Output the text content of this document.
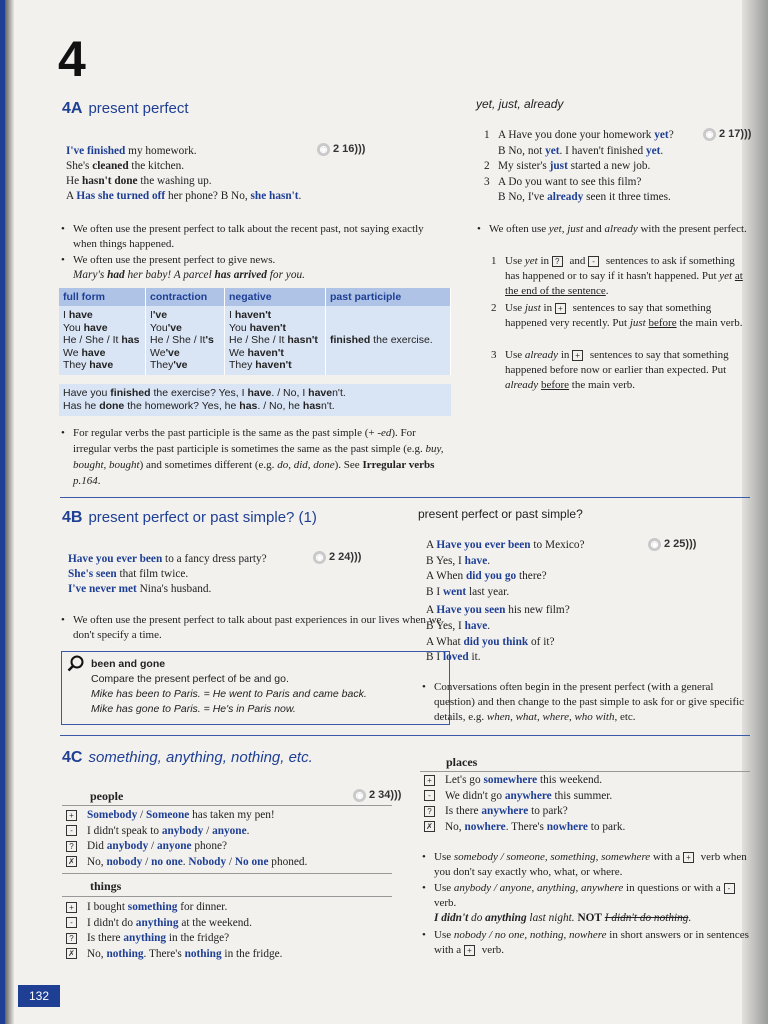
4
4A present perfect
◉ 2 16)))
I've finished my homework.
She's cleaned the kitchen.
He hasn't done the washing up.
A Has she turned off her phone? B No, she hasn't.
• We often use the present perfect to talk about the recent past, not saying exactly when things happened.
• We often use the present perfect to give news.
Mary's had her baby! A parcel has arrived for you.
full form	contraction	negative	past participle
I have
You have
He / She / It has
We have
They have	I've
You've
He / She / It's
We've
They've	I haven't
You haven't
He / She / It hasn't
We haven't
They haven't	finished the exercise.
Have you finished the exercise? Yes, I have. / No, I haven't.
Has he done the homework? Yes, he has. / No, he hasn't.
• For regular verbs the past participle is the same as the past simple (+ -ed). For irregular verbs the past participle is sometimes the same as the past simple (e.g. buy, bought, bought) and sometimes different (e.g. do, did, done). See Irregular verbs p.164.
yet, just, already
◉ 2 17)))
1 A Have you done your homework yet?
B No, not yet. I haven't finished yet.
2 My sister's just started a new job.
3 A Do you want to see this film?
B No, I've already seen it three times.
• We often use yet, just and already with the present perfect.
1 Use yet in ? and - sentences to ask if something has happened or to say if it hasn't happened. Put yet at the end of the sentence.
2 Use just in + sentences to say that something happened very recently. Put just before the main verb.
3 Use already in + sentences to say that something happened before now or earlier than expected. Put already before the main verb.
4B present perfect or past simple? (1)
◉ 2 24)))
Have you ever been to a fancy dress party?
She's seen that film twice.
I've never met Nina's husband.
• We often use the present perfect to talk about past experiences in our lives when we don't specify a time.
been and gone
Compare the present perfect of be and go.
Mike has been to Paris. = He went to Paris and came back.
Mike has gone to Paris. = He's in Paris now.
present perfect or past simple?
◉ 2 25)))
A Have you ever been to Mexico?
B Yes, I have.
A When did you go there?
B I went last year.
A Have you seen his new film?
B Yes, I have.
A What did you think of it?
B I loved it.
• Conversations often begin in the present perfect (with a general question) and then change to the past simple to ask for or give specific details, e.g. when, what, where, who with, etc.
4C something, anything, nothing, etc.
people	◉ 2 34)))
+ Somebody / Someone has taken my pen!
- I didn't speak to anybody / anyone.
? Did anybody / anyone phone?
✗ No, nobody / no one. Nobody / No one phoned.
things
+ I bought something for dinner.
- I didn't do anything at the weekend.
? Is there anything in the fridge?
✗ No, nothing. There's nothing in the fridge.
places
+ Let's go somewhere this weekend.
- We didn't go anywhere this summer.
? Is there anywhere to park?
✗ No, nowhere. There's nowhere to park.
• Use somebody / someone, something, somewhere with a + verb when you don't say exactly who, what, or where.
• Use anybody / anyone, anything, anywhere in questions or with a - verb.
I didn't do anything last night. NOT I didn't do nothing.
• Use nobody / no one, nothing, nowhere in short answers or in sentences with a + verb.
132
